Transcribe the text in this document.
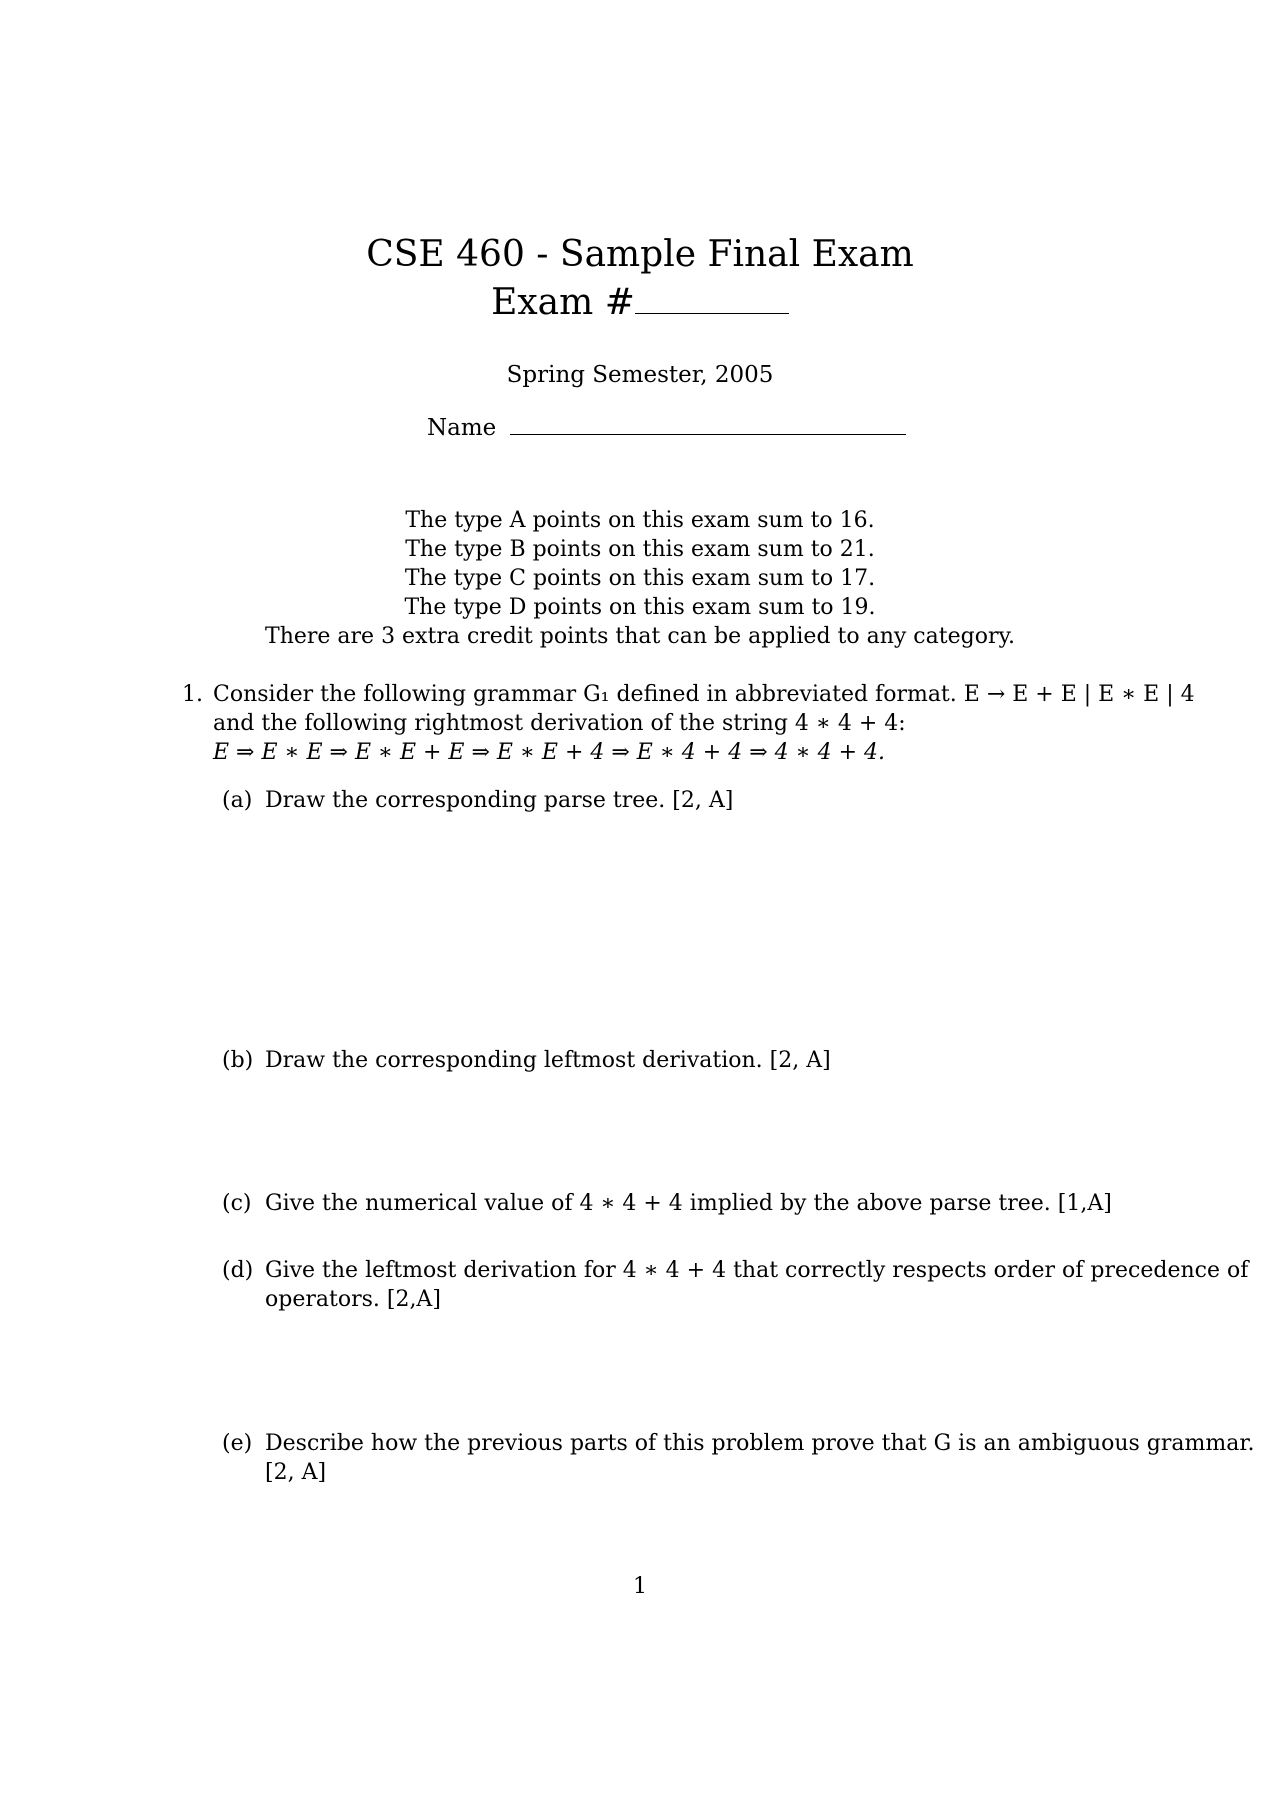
CSE 460 - Sample Final Exam
Exam #
Spring Semester, 2005
Name
The type A points on this exam sum to 16.
The type B points on this exam sum to 21.
The type C points on this exam sum to 17.
The type D points on this exam sum to 19.
There are 3 extra credit points that can be applied to any category.
1. Consider the following grammar G₁ defined in abbreviated format. E → E + E | E ∗ E | 4
and the following rightmost derivation of the string 4 ∗ 4 + 4:
E ⇒ E ∗ E ⇒ E ∗ E + E ⇒ E ∗ E + 4 ⇒ E ∗ 4 + 4 ⇒ 4 ∗ 4 + 4.
(a) Draw the corresponding parse tree. [2, A]
(b) Draw the corresponding leftmost derivation. [2, A]
(c) Give the numerical value of 4 ∗ 4 + 4 implied by the above parse tree. [1,A]
(d) Give the leftmost derivation for 4 ∗ 4 + 4 that correctly respects order of precedence of
operators. [2,A]
(e) Describe how the previous parts of this problem prove that G is an ambiguous grammar.
[2, A]
1
